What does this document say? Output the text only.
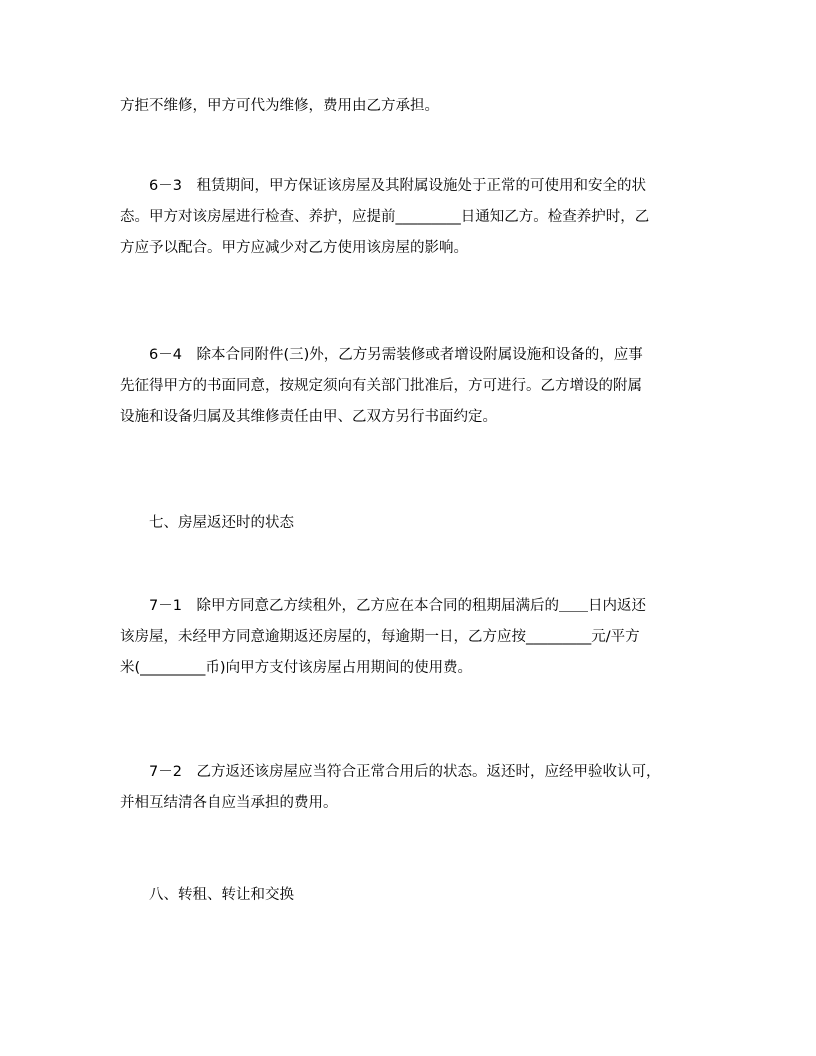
方拒不维修，甲方可代为维修，费用由乙方承担。
6－3　租赁期间，甲方保证该房屋及其附属设施处于正常的可使用和安全的状
态。甲方对该房屋进行检查、养护，应提前_________日通知乙方。检查养护时，乙
方应予以配合。甲方应减少对乙方使用该房屋的影响。
6－4　除本合同附件(三)外，乙方另需装修或者增设附属设施和设备的，应事
先征得甲方的书面同意，按规定须向有关部门批准后，方可进行。乙方增设的附属
设施和设备归属及其维修责任由甲、乙双方另行书面约定。
七、房屋返还时的状态
7－1　除甲方同意乙方续租外，乙方应在本合同的租期届满后的＿＿日内返还
该房屋，未经甲方同意逾期返还房屋的，每逾期一日，乙方应按_________元/平方
米(_________币)向甲方支付该房屋占用期间的使用费。
7－2　乙方返还该房屋应当符合正常合用后的状态。返还时，应经甲验收认可，
并相互结清各自应当承担的费用。
八、转租、转让和交换
